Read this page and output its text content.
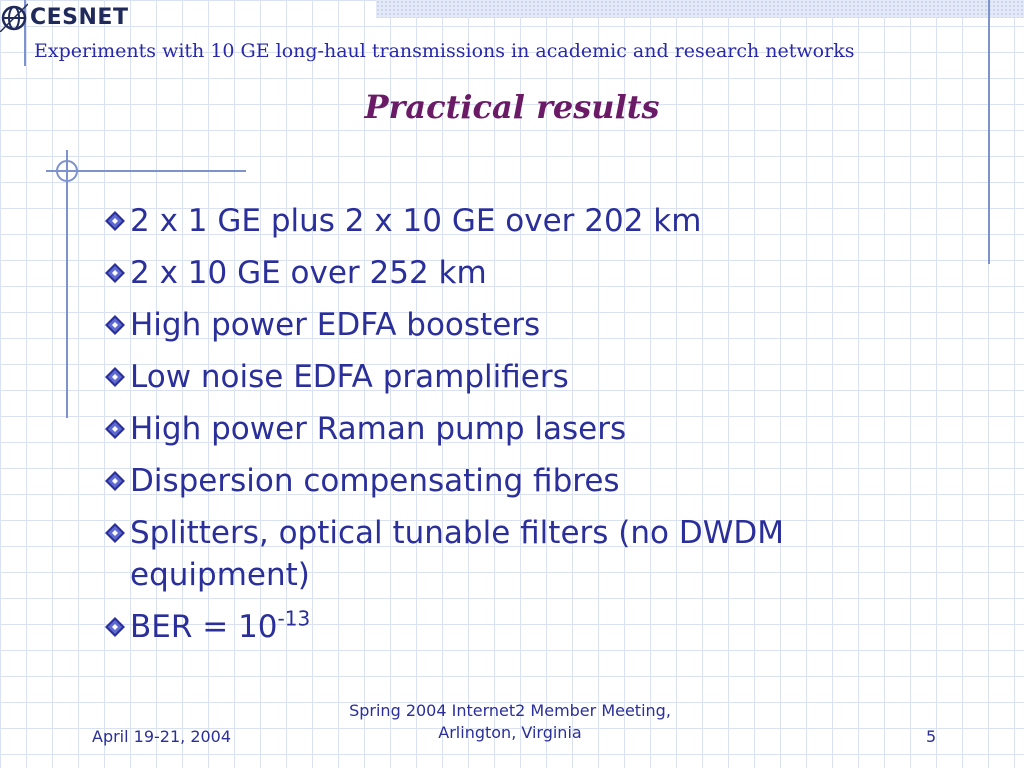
CESNET
Experiments with 10 GE long-haul transmissions in academic and research networks
Practical results
2 x 1 GE plus 2 x 10 GE over 202 km
2 x 10 GE over 252 km
High power EDFA boosters
Low noise EDFA pramplifiers
High power Raman pump lasers
Dispersion compensating fibres
Splitters, optical tunable filters (no DWDM equipment)
BER = $10^{-13}$
April 19-21, 2004
Spring 2004 Internet2 Member Meeting,
Arlington, Virginia	5
